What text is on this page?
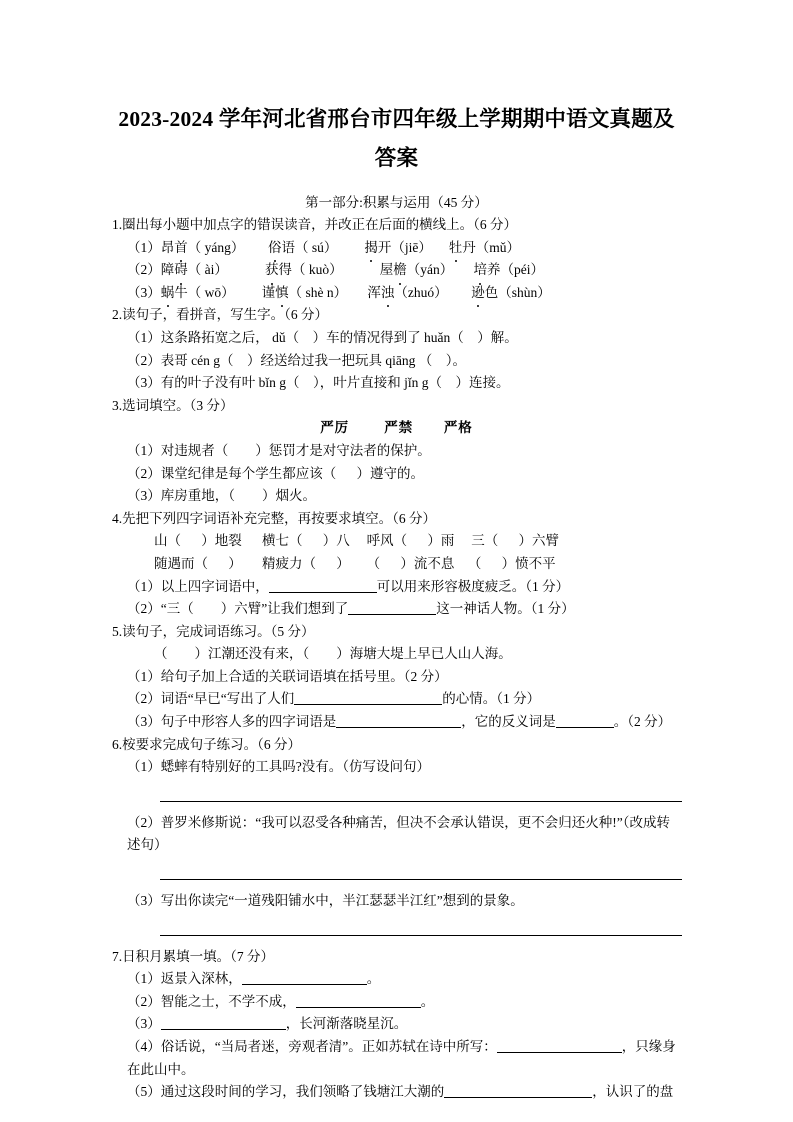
2023-2024 学年河北省邢台市四年级上学期期中语文真题及答案
第一部分:积累与运用（45 分）
1.圈出每小题中加点字的错误读音，并改正在后面的横线上。（6 分）
（1）昂首（ yáng） 俗语（ sú） 揭开（jiē） 牡丹（mǔ）
（2）障碍（ ài）	获得（ kuò）	屋檐（yán） 培养（péi）
（3）蜗牛（ wō） 谨慎（ shè n） 浑浊（zhuó） 逊色（shùn）
2.读句子，看拼音，写生字。（6 分）
（1）这条路拓宽之后， dǔ（    ）车的情况得到了 huǎn（    ）解。
（2）表哥 cén g（    ）经送给过我一把玩具 qiāng （    ）。
（3）有的叶子没有叶 bǐn g（    ），叶片直接和 jǐn g（    ）连接。
3.选词填空。（3 分）
严厉	严禁 严格
（1）对违规者（        ）惩罚才是对守法者的保护。
（2）课堂纪律是每个学生都应该（      ）遵守的。
（3）库房重地，（        ）烟火。
4.先把下列四字词语补充完整，再按要求填空。（6 分）
山（      ）地裂      横七（      ）八     呼风（      ）雨     三（      ）六臂
随遇而（      ）      精疲力（      ）     （      ）流不息    （      ）愤不平
（1）以上四字词语中，	可以用来形容极度疲乏。（1 分）
（2）“三（        ）六臂”让我们想到了	这一神话人物。（1 分）
5.读句子，完成词语练习。（5 分）
（        ）江潮还没有来，（        ）海塘大堤上早已人山人海。
（1）给句子加上合适的关联词语填在括号里。（2 分）
（2）词语“早已“写出了人们	的心情。（1 分）
（3）句子中形容人多的四字词语是	，它的反义词是	。（2 分）
6.桉要求完成句子练习。（6 分）
（1）蟋蟀有特别好的工具吗?没有。（仿写设问句）
（2）普罗米修斯说：“我可以忍受各种痛苦，但决不会承认错误，更不会归还火种!”（改成转述句）
（3）写出你读完“一道残阳铺水中，半江瑟瑟半江红”想到的景象。
7.日积月累填一填。（7 分）
（1）返景入深林，	。
（2）智能之士，不学不成，	。
（3）	，长河渐落晓星沉。
（4）俗话说，“当局者迷，旁观者清”。正如苏轼在诗中所写：	，只缘身在此山中。
（5）通过这段时间的学习，我们领略了钱塘江大潮的	，认识了的盘
